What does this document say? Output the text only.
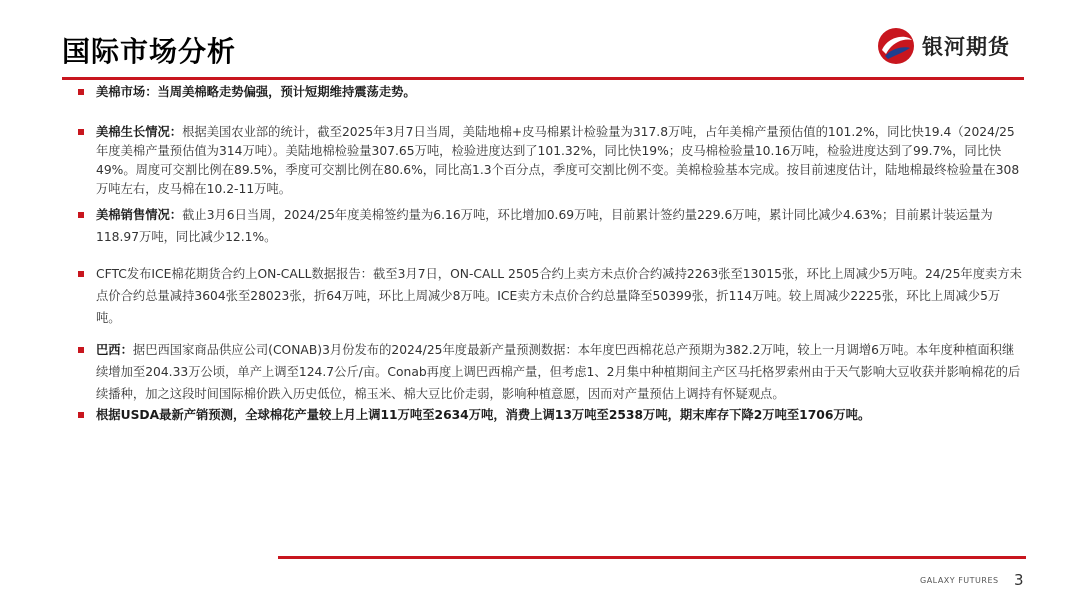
国际市场分析	银河期货

美棉市场：当周美棉略走势偏强，预计短期维持震荡走势。

美棉生长情况：根据美国农业部的统计，截至2025年3月7日当周，美陆地棉+皮马棉累计检验量为317.8万吨，占年美棉产量预估值的101.2%，同比快19.4（2024/25年度美棉产量预估值为314万吨）。美陆地棉检验量307.65万吨，检验进度达到了101.32%，同比快19%；皮马棉检验量10.16万吨，检验进度达到了99.7%，同比快49%。周度可交割比例在89.5%，季度可交割比例在80.6%，同比高1.3个百分点，季度可交割比例不变。美棉检验基本完成。按目前速度估计，陆地棉最终检验量在308万吨左右，皮马棉在10.2-11万吨。

美棉销售情况：截止3月6日当周，2024/25年度美棉签约量为6.16万吨，环比增加0.69万吨，目前累计签约量229.6万吨，累计同比减少4.63%；目前累计装运量为118.97万吨，同比减少12.1%。

CFTC发布ICE棉花期货合约上ON-CALL数据报告：截至3月7日，ON-CALL 2505合约上卖方未点价合约减持2263张至13015张，环比上周减少5万吨。24/25年度卖方未点价合约总量减持3604张至28023张，折64万吨，环比上周减少8万吨。ICE卖方未点价合约总量降至50399张，折114万吨。较上周减少2225张，环比上周减少5万吨。

巴西：据巴西国家商品供应公司(CONAB)3月份发布的2024/25年度最新产量预测数据：本年度巴西棉花总产预期为382.2万吨，较上一月调增6万吨。本年度种植面积继续增加至204.33万公顷，单产上调至124.7公斤/亩。Conab再度上调巴西棉产量，但考虑1、2月集中种植期间主产区马托格罗索州由于天气影响大豆收获并影响棉花的后续播种，加之这段时间国际棉价跌入历史低位，棉玉米、棉大豆比价走弱，影响种植意愿，因而对产量预估上调持有怀疑观点。

根据USDA最新产销预测，全球棉花产量较上月上调11万吨至2634万吨，消费上调13万吨至2538万吨，期末库存下降2万吨至1706万吨。

GALAXY FUTURES 3
